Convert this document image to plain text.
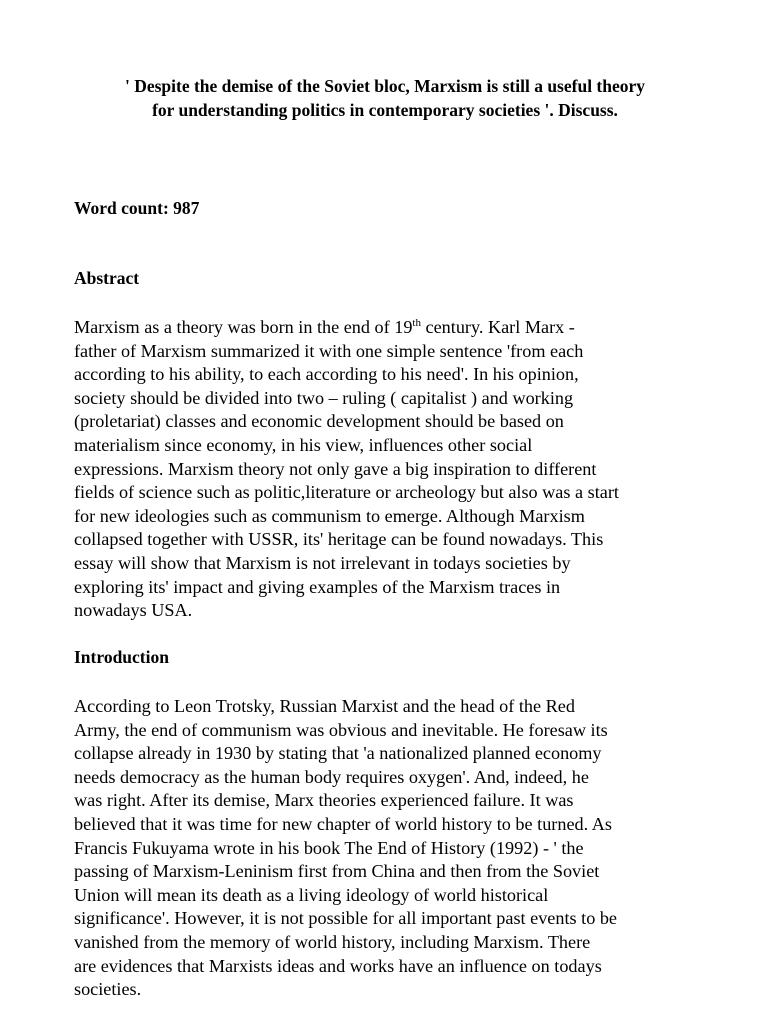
' Despite the demise of the Soviet bloc, Marxism is still a useful theory
for understanding politics in contemporary societies '. Discuss.
Word count: 987
Abstract
Marxism as a theory was born in the end of 19th century. Karl Marx -
father of Marxism summarized it with one simple sentence 'from each
according to his ability, to each according to his need'. In his opinion,
society should be divided into two – ruling ( capitalist ) and working
(proletariat) classes and economic development should be based on
materialism since economy, in his view, influences other social
expressions. Marxism theory not only gave a big inspiration to different
fields of science such as politic,literature or archeology but also was a start
for new ideologies such as communism to emerge. Although Marxism
collapsed together with USSR, its' heritage can be found nowadays. This
essay will show that Marxism is not irrelevant in todays societies by
exploring its' impact and giving examples of the Marxism traces in
nowadays USA.
Introduction
According to Leon Trotsky, Russian Marxist and the head of the Red
Army, the end of communism was obvious and inevitable. He foresaw its
collapse already in 1930 by stating that 'a nationalized planned economy
needs democracy as the human body requires oxygen'. And, indeed, he
was right. After its demise, Marx theories experienced failure. It was
believed that it was time for new chapter of world history to be turned. As
Francis Fukuyama wrote in his book The End of History (1992) - ' the
passing of Marxism-Leninism first from China and then from the Soviet
Union will mean its death as a living ideology of world historical
significance'. However, it is not possible for all important past events to be
vanished from the memory of world history, including Marxism. There
are evidences that Marxists ideas and works have an influence on todays
societies.
